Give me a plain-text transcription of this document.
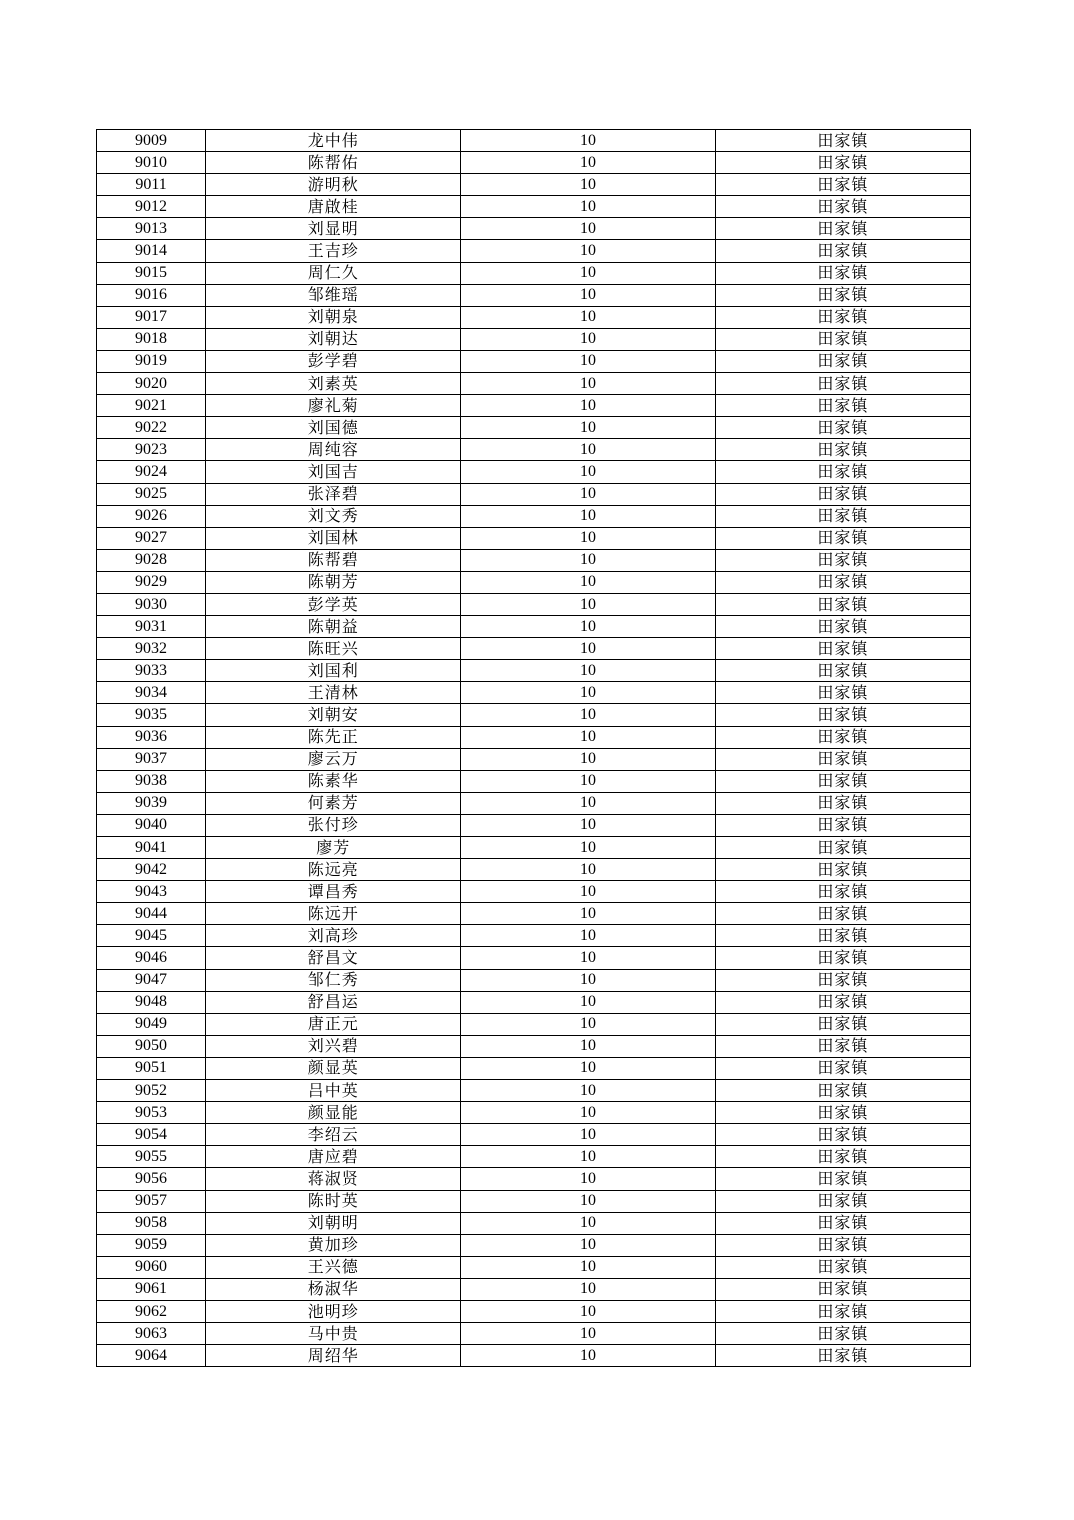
9009	龙中伟	10	田家镇
9010	陈帮佑	10	田家镇
9011	游明秋	10	田家镇
9012	唐啟桂	10	田家镇
9013	刘显明	10	田家镇
9014	王吉珍	10	田家镇
9015	周仁久	10	田家镇
9016	邹维瑶	10	田家镇
9017	刘朝泉	10	田家镇
9018	刘朝达	10	田家镇
9019	彭学碧	10	田家镇
9020	刘素英	10	田家镇
9021	廖礼菊	10	田家镇
9022	刘国德	10	田家镇
9023	周纯容	10	田家镇
9024	刘国吉	10	田家镇
9025	张泽碧	10	田家镇
9026	刘文秀	10	田家镇
9027	刘国林	10	田家镇
9028	陈帮碧	10	田家镇
9029	陈朝芳	10	田家镇
9030	彭学英	10	田家镇
9031	陈朝益	10	田家镇
9032	陈旺兴	10	田家镇
9033	刘国利	10	田家镇
9034	王清林	10	田家镇
9035	刘朝安	10	田家镇
9036	陈先正	10	田家镇
9037	廖云万	10	田家镇
9038	陈素华	10	田家镇
9039	何素芳	10	田家镇
9040	张付珍	10	田家镇
9041	廖芳	10	田家镇
9042	陈远亮	10	田家镇
9043	谭昌秀	10	田家镇
9044	陈远开	10	田家镇
9045	刘高珍	10	田家镇
9046	舒昌文	10	田家镇
9047	邹仁秀	10	田家镇
9048	舒昌运	10	田家镇
9049	唐正元	10	田家镇
9050	刘兴碧	10	田家镇
9051	颜显英	10	田家镇
9052	吕中英	10	田家镇
9053	颜显能	10	田家镇
9054	李绍云	10	田家镇
9055	唐应碧	10	田家镇
9056	蒋淑贤	10	田家镇
9057	陈时英	10	田家镇
9058	刘朝明	10	田家镇
9059	黄加珍	10	田家镇
9060	王兴德	10	田家镇
9061	杨淑华	10	田家镇
9062	池明珍	10	田家镇
9063	马中贵	10	田家镇
9064	周绍华	10	田家镇
